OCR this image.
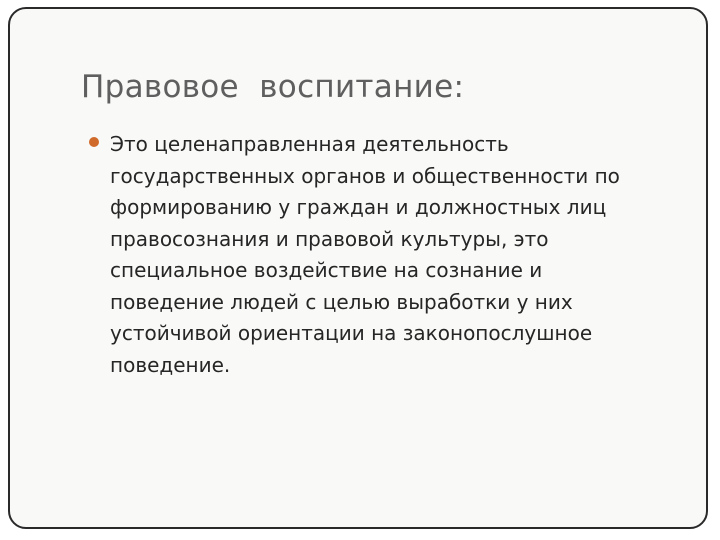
Правовое  воспитание:

Это целенаправленная деятельность
государственных органов и общественности по
формированию у граждан и должностных лиц
правосознания и правовой культуры, это
специальное воздействие на сознание и
поведение людей с целью выработки у них
устойчивой ориентации на законопослушное
поведение.
